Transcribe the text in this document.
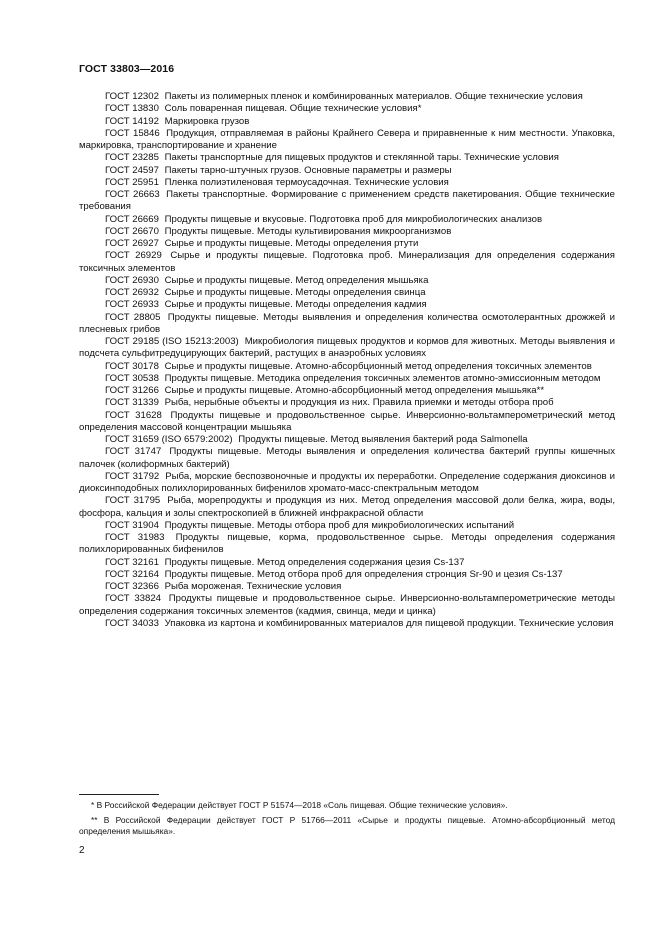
ГОСТ 33803—2016

ГОСТ 12302 Пакеты из полимерных пленок и комбинированных материалов. Общие технические условия

ГОСТ 13830 Соль поваренная пищевая. Общие технические условия*

ГОСТ 14192 Маркировка грузов

ГОСТ 15846 Продукция, отправляемая в районы Крайнего Севера и приравненные к ним местности. Упаковка, маркировка, транспортирование и хранение

ГОСТ 23285 Пакеты транспортные для пищевых продуктов и стеклянной тары. Технические условия

ГОСТ 24597 Пакеты тарно-штучных грузов. Основные параметры и размеры

ГОСТ 25951 Пленка полиэтиленовая термоусадочная. Технические условия

ГОСТ 26663 Пакеты транспортные. Формирование с применением средств пакетирования. Общие технические требования

ГОСТ 26669 Продукты пищевые и вкусовые. Подготовка проб для микробиологических анализов

ГОСТ 26670 Продукты пищевые. Методы культивирования микроорганизмов

ГОСТ 26927 Сырье и продукты пищевые. Методы определения ртути

ГОСТ 26929 Сырье и продукты пищевые. Подготовка проб. Минерализация для определения содержания токсичных элементов

ГОСТ 26930 Сырье и продукты пищевые. Метод определения мышьяка

ГОСТ 26932 Сырье и продукты пищевые. Методы определения свинца

ГОСТ 26933 Сырье и продукты пищевые. Методы определения кадмия

ГОСТ 28805 Продукты пищевые. Методы выявления и определения количества осмотолерантных дрожжей и плесневых грибов

ГОСТ 29185 (ISO 15213:2003) Микробиология пищевых продуктов и кормов для животных. Методы выявления и подсчета сульфитредуцирующих бактерий, растущих в анаэробных условиях

ГОСТ 30178 Сырье и продукты пищевые. Атомно-абсорбционный метод определения токсичных элементов

ГОСТ 30538 Продукты пищевые. Методика определения токсичных элементов атомно-эмиссионным методом

ГОСТ 31266 Сырье и продукты пищевые. Атомно-абсорбционный метод определения мышьяка**

ГОСТ 31339 Рыба, нерыбные объекты и продукция из них. Правила приемки и методы отбора проб

ГОСТ 31628 Продукты пищевые и продовольственное сырье. Инверсионно-вольтамперометрический метод определения массовой концентрации мышьяка

ГОСТ 31659 (ISO 6579:2002) Продукты пищевые. Метод выявления бактерий рода Salmonella

ГОСТ 31747 Продукты пищевые. Методы выявления и определения количества бактерий группы кишечных палочек (колиформных бактерий)

ГОСТ 31792 Рыба, морские беспозвоночные и продукты их переработки. Определение содержания диоксинов и диоксинподобных полихлорированных бифенилов хромато-масс-спектральным методом

ГОСТ 31795 Рыба, морепродукты и продукция из них. Метод определения массовой доли белка, жира, воды, фосфора, кальция и золы спектроскопией в ближней инфракрасной области

ГОСТ 31904 Продукты пищевые. Методы отбора проб для микробиологических испытаний

ГОСТ 31983 Продукты пищевые, корма, продовольственное сырье. Методы определения содержания полихлорированных бифенилов

ГОСТ 32161 Продукты пищевые. Метод определения содержания цезия Cs-137

ГОСТ 32164 Продукты пищевые. Метод отбора проб для определения стронция Sr-90 и цезия Cs-137

ГОСТ 32366 Рыба мороженая. Технические условия

ГОСТ 33824 Продукты пищевые и продовольственное сырье. Инверсионно-вольтамперометрические методы определения содержания токсичных элементов (кадмия, свинца, меди и цинка)

ГОСТ 34033 Упаковка из картона и комбинированных материалов для пищевой продукции. Технические условия

* В Российской Федерации действует ГОСТ Р 51574—2018 «Соль пищевая. Общие технические условия».

** В Российской Федерации действует ГОСТ Р 51766—2011 «Сырье и продукты пищевые. Атомно-абсорбционный метод определения мышьяка».

2
